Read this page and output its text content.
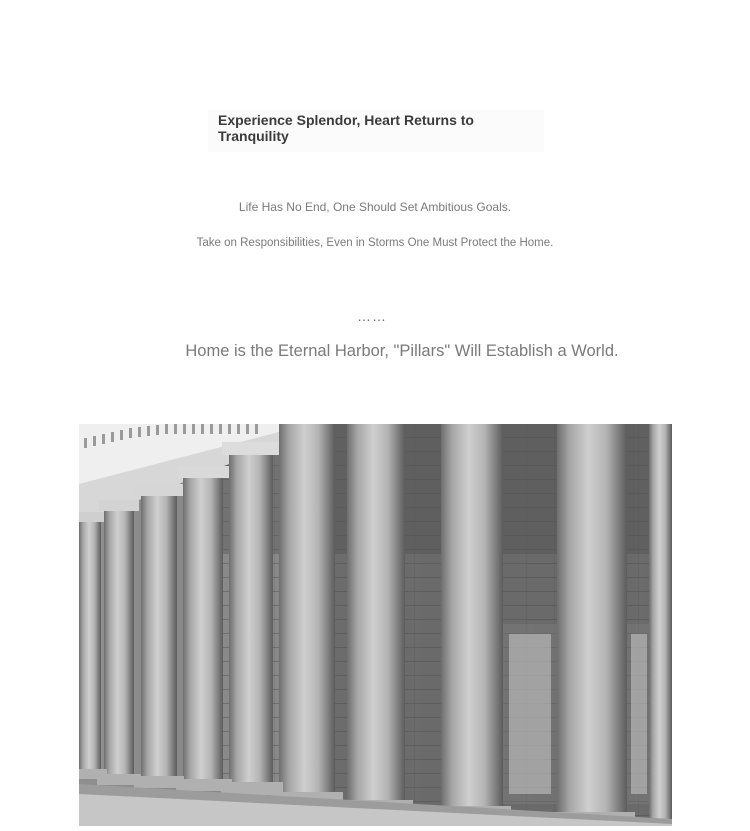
Experience Splendor, Heart Returns to Tranquility

Life Has No End, One Should Set Ambitious Goals.

Take on Responsibilities, Even in Storms One Must Protect the Home.

……

Home is the Eternal Harbor, "Pillars" Will Establish a World.
